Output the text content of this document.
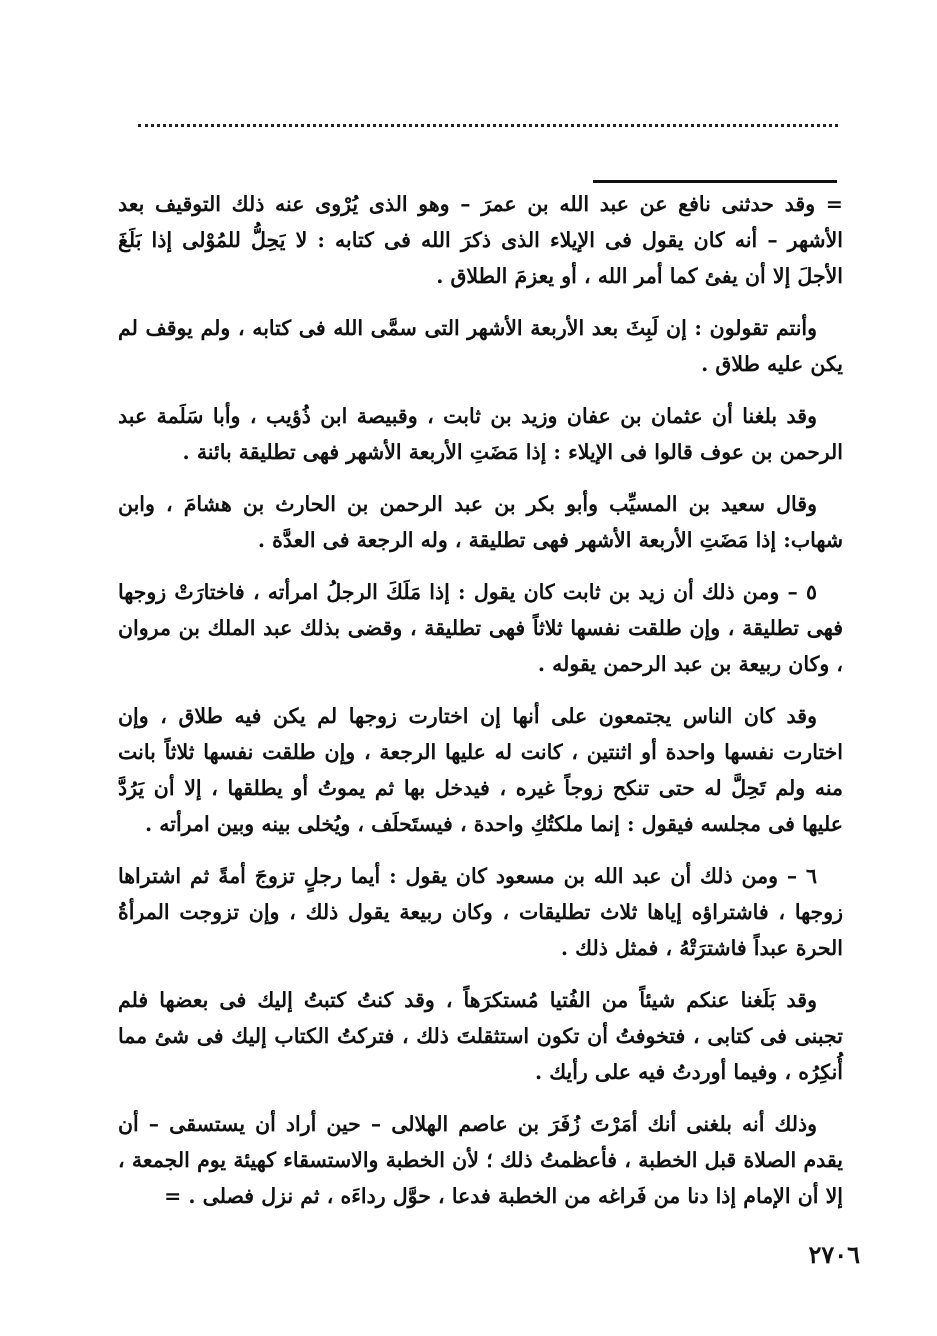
= وقد حدثنى نافع عن عبد الله بن عمرَ – وهو الذى يُرْوى عنه ذلك التوقيف بعد الأشهر – أنه كان يقول فى الإيلاء الذى ذكرَ الله فى كتابه : لا يَحِلُّ للمُوْلى إذا بَلَغَ الأجلَ إلا أن يفئ كما أمر الله ، أو يعزمَ الطلاق .

وأنتم تقولون : إن لَبِثَ بعد الأربعة الأشهر التى سمَّى الله فى كتابه ، ولم يوقف لم يكن عليه طلاق .

وقد بلغنا أن عثمان بن عفان وزيد بن ثابت ، وقبيصة ابن ذُؤيب ، وأبا سَلَمة عبد الرحمن بن عوف قالوا فى الإيلاء : إذا مَضَتِ الأربعة الأشهر فهى تطليقة بائنة .

وقال سعيد بن المسيِّب وأبو بكر بن عبد الرحمن بن الحارث بن هشامَ ، وابن شهاب: إذا مَضَتِ الأربعة الأشهر فهى تطليقة ، وله الرجعة فى العدَّة .

٥ – ومن ذلك أن زيد بن ثابت كان يقول : إذا مَلَكَ الرجلُ امرأته ، فاختارَتْ زوجها فهى تطليقة ، وإن طلقت نفسها ثلاثاً فهى تطليقة ، وقضى بذلك عبد الملك بن مروان ، وكان ربيعة بن عبد الرحمن يقوله .

وقد كان الناس يجتمعون على أنها إن اختارت زوجها لم يكن فيه طلاق ، وإن اختارت نفسها واحدة أو اثنتين ، كانت له عليها الرجعة ، وإن طلقت نفسها ثلاثاً بانت منه ولم تَحِلَّ له حتى تنكح زوجاً غيره ، فيدخل بها ثم يموتُ أو يطلقها ، إلا أن يَرُدَّ عليها فى مجلسه فيقول : إنما ملكتُكِ واحدة ، فيستَحلَف ، ويُخلى بينه وبين امرأته .

٦ – ومن ذلك أن عبد الله بن مسعود كان يقول : أيما رجلٍ تزوجَ أمةً ثم اشتراها زوجها ، فاشتراؤه إياها ثلاث تطليقات ، وكان ربيعة يقول ذلك ، وإن تزوجت المرأةُ الحرة عبداً فاشترَتْهُ ، فمثل ذلك .

وقد بَلَغنا عنكم شيئاً من الفُتيا مُستكرَهاً ، وقد كنتُ كتبتُ إليك فى بعضها فلم تجبنى فى كتابى ، فتخوفتُ أن تكون استثقلتَ ذلك ، فتركتُ الكتاب إليك فى شئ مما أُنكِرُه ، وفيما أوردتُ فيه على رأيك .

وذلك أنه بلغنى أنك أمَرْتَ زُفَرَ بن عاصم الهلالى – حين أراد أن يستسقى – أن يقدم الصلاة قبل الخطبة ، فأعظمتُ ذلك ؛ لأن الخطبة والاستسقاء كهيئة يوم الجمعة ، إلا أن الإمام إذا دنا من فَراغه من الخطبة فدعا ، حوَّل رداءَه ، ثم نزل فصلى . =

٢٧٠٦
